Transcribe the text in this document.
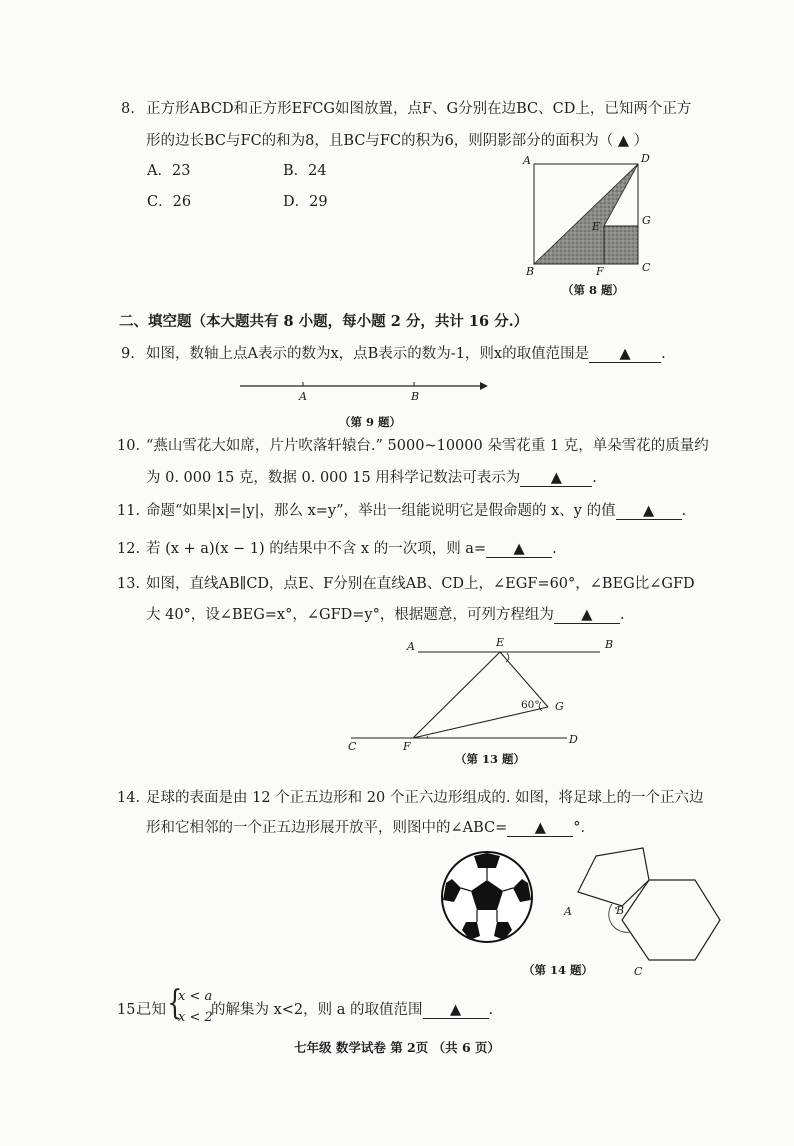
8. 正方形ABCD和正方形EFCG如图放置，点F、G分别在边BC、CD上，已知两个正方
形的边长BC与FC的和为8，且BC与FC的积为6，则阴影部分的面积为（ ▲ ）
A．23	B．24
C．26	D．29
A	D
B	C
G
E
F
（第 8 题）
二、填空题（本大题共有 8 小题，每小题 2 分，共计 16 分.）
9. 如图，数轴上点A表示的数为x，点B表示的数为-1，则x的取值范围是 ▲ .
A	B
（第 9 题）
10. “燕山雪花大如席，片片吹落轩辕台.” 5000~10000 朵雪花重 1 克，单朵雪花的质量约
为 0. 000 15 克，数据 0. 000 15 用科学记数法可表示为 ▲ .
11. 命题“如果|x|=|y|，那么 x=y”，举出一组能说明它是假命题的 x、y 的值 ▲ .
12. 若 (x + a)(x − 1) 的结果中不含 x 的一次项，则 a= ▲ .
13. 如图，直线AB∥CD，点E、F分别在直线AB、CD上，∠EGF=60°，∠BEG比∠GFD
大 40°，设∠BEG=x°，∠GFD=y°，根据题意，可列方程组为 ▲ .
A	E	B
60° G
C	F
D
（第 13 题）
14. 足球的表面是由 12 个正五边形和 20 个正六边形组成的. 如图，将足球上的一个正六边
形和它相邻的一个正五边形展开放平，则图中的∠ABC= ▲ °．
A	B
C
（第 14 题）
15.
已知 {
x < a
x < 2
的解集为 x<2，则 a 的取值范围 ▲ .
七年级 数学试卷 第 2页 （共 6 页）
